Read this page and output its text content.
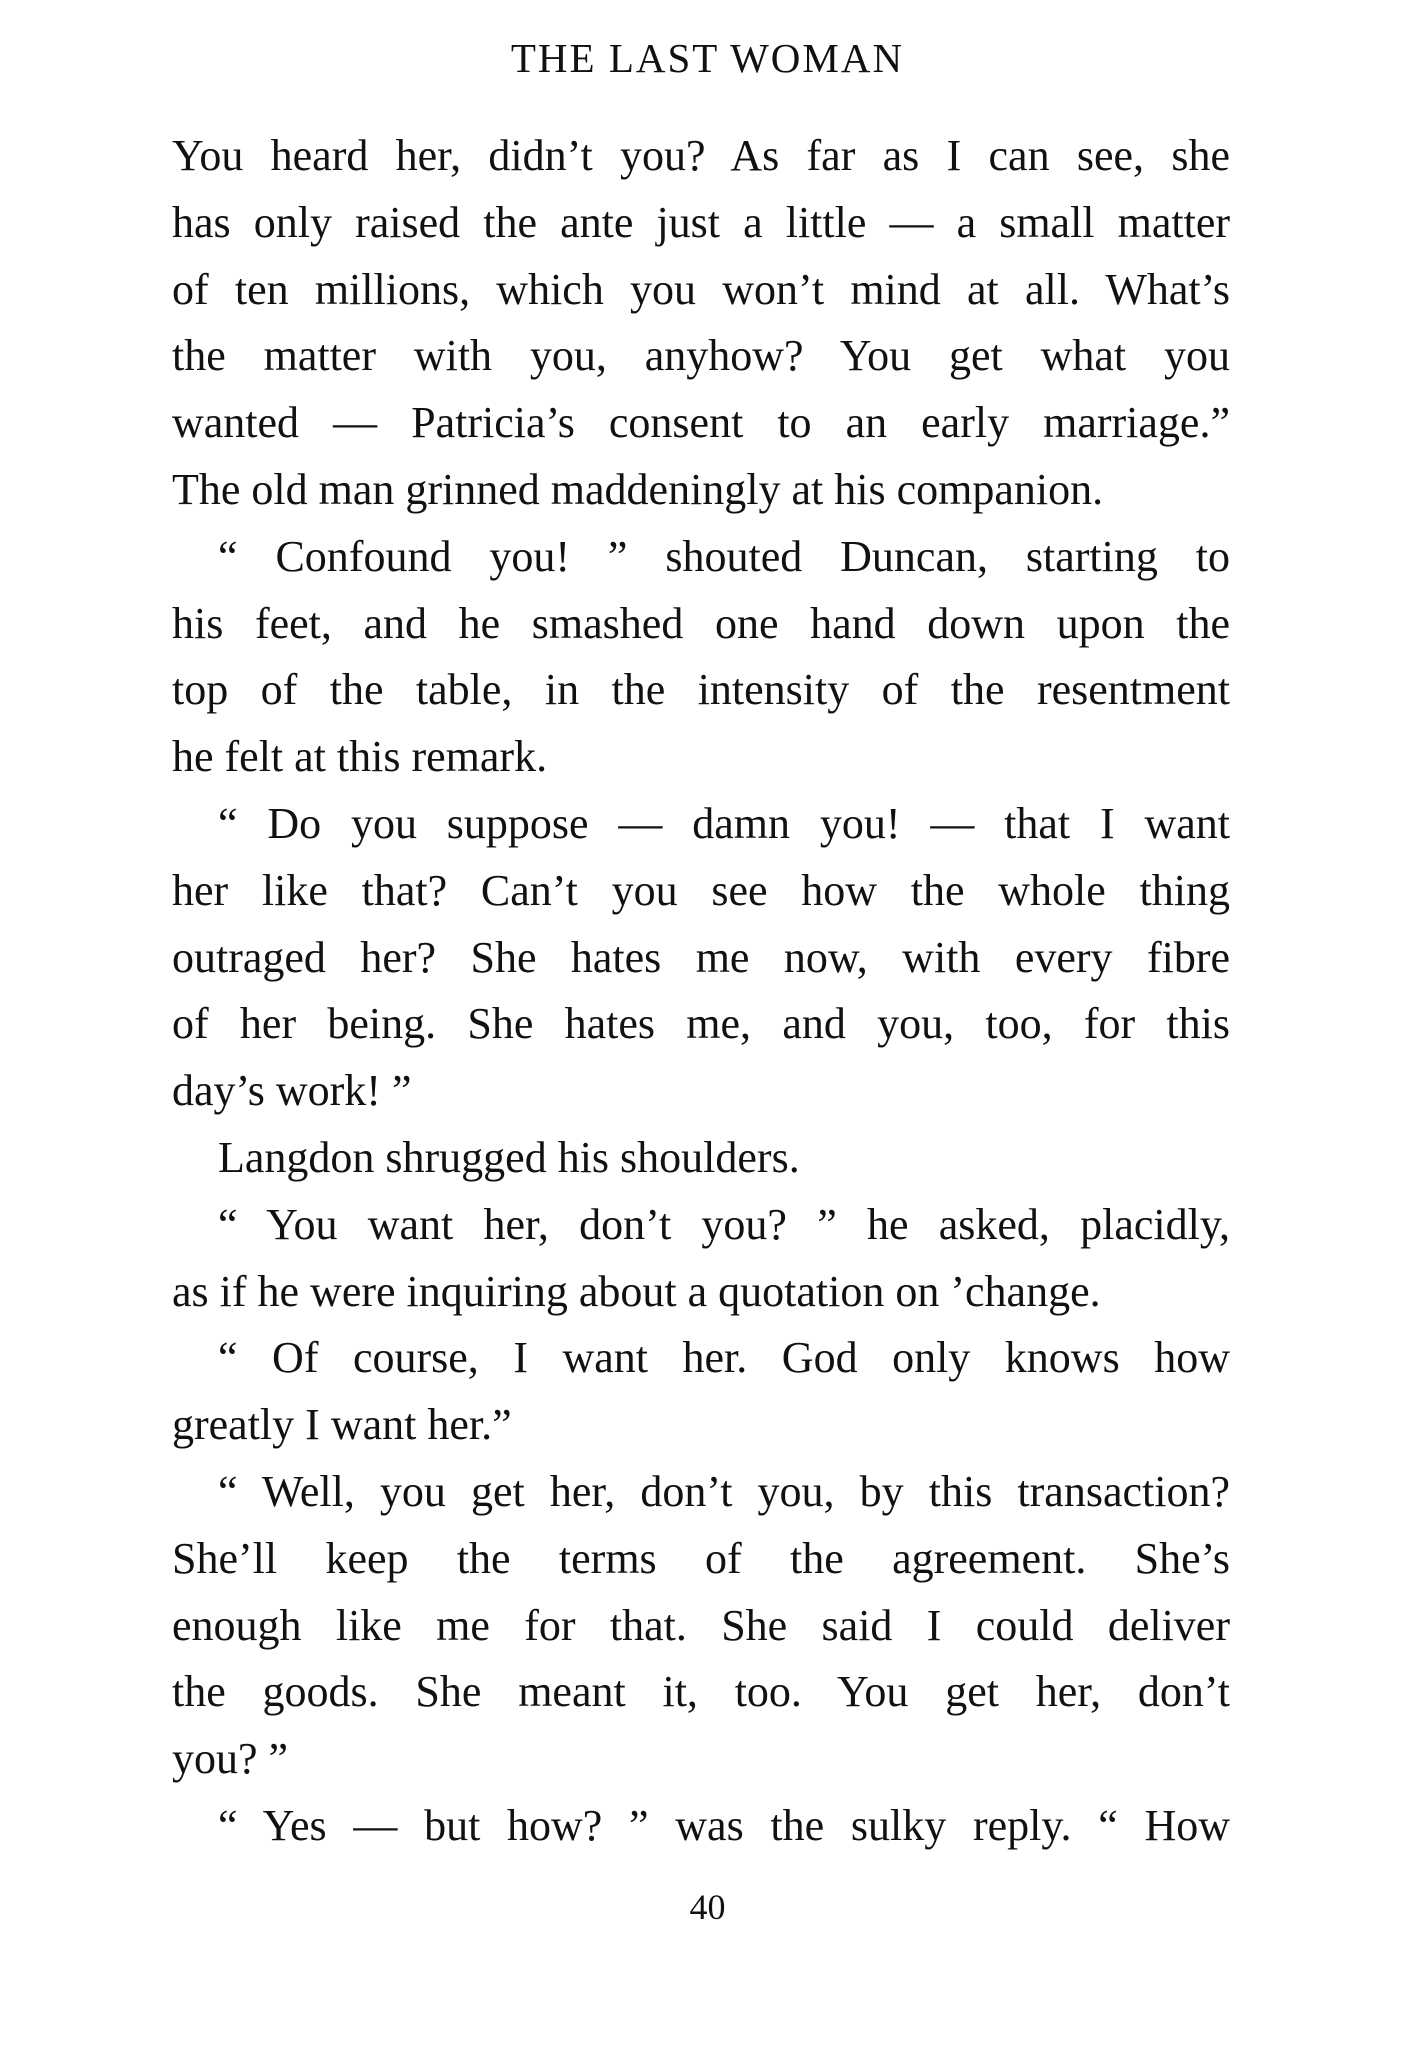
THE LAST WOMAN
You heard her, didn’t you? As far as I can see, she
has only raised the ante just a little — a small matter
of ten millions, which you won’t mind at all. What’s
the matter with you, anyhow? You get what you
wanted — Patricia’s consent to an early marriage.”
The old man grinned maddeningly at his companion.
“ Confound you! ” shouted Duncan, starting to
his feet, and he smashed one hand down upon the
top of the table, in the intensity of the resentment
he felt at this remark.
“ Do you suppose — damn you! — that I want
her like that? Can’t you see how the whole thing
outraged her? She hates me now, with every fibre
of her being. She hates me, and you, too, for this
day’s work! ”
Langdon shrugged his shoulders.
“ You want her, don’t you? ” he asked, placidly,
as if he were inquiring about a quotation on ’change.
“ Of course, I want her. God only knows how
greatly I want her.”
“ Well, you get her, don’t you, by this transaction?
She’ll keep the terms of the agreement. She’s
enough like me for that. She said I could deliver
the goods. She meant it, too. You get her, don’t
you? ”
“ Yes — but how? ” was the sulky reply. “ How
40
